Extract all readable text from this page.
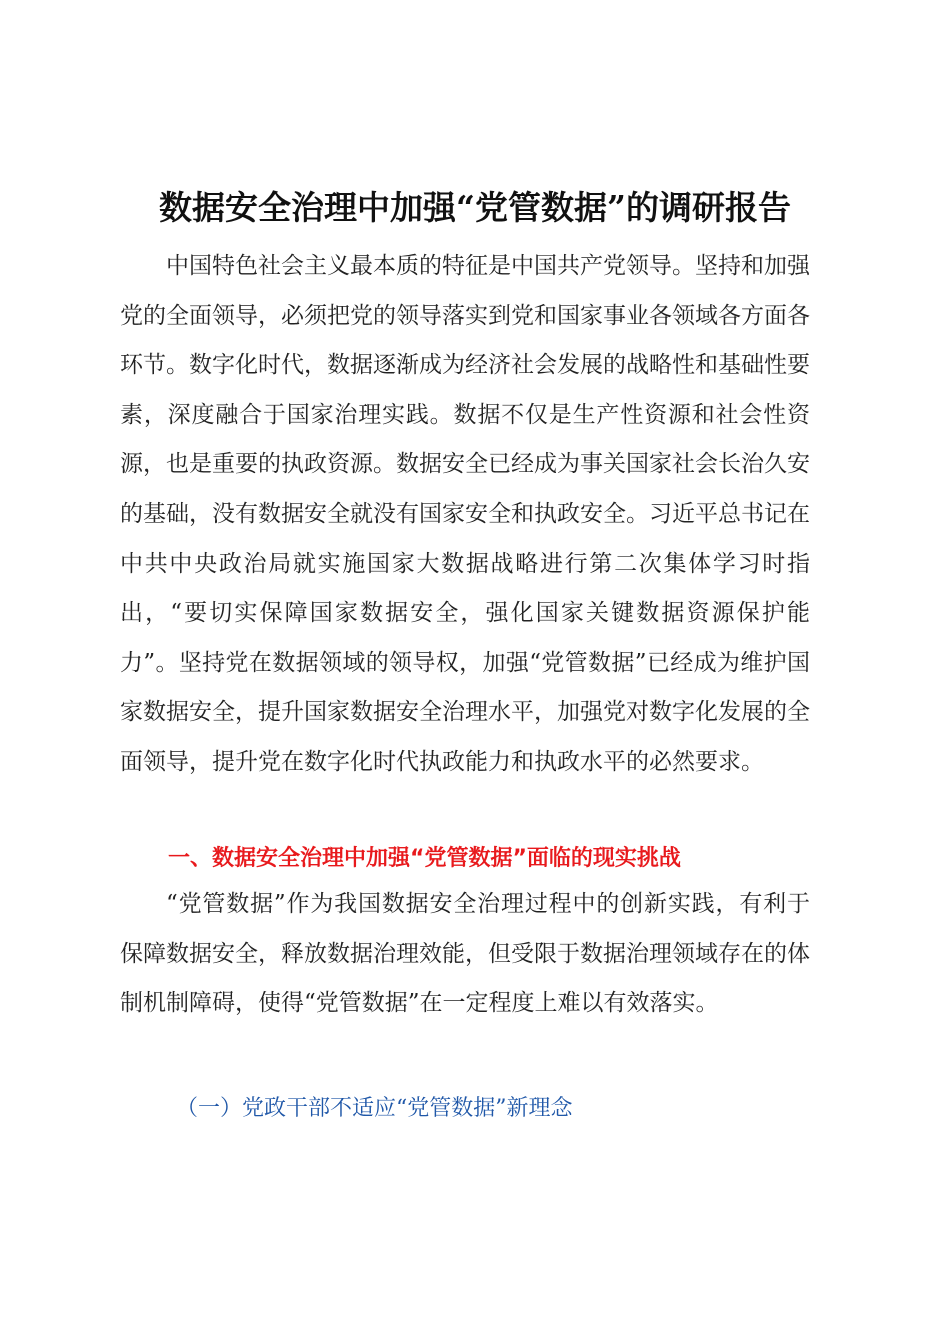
数据安全治理中加强“党管数据”的调研报告

中国特色社会主义最本质的特征是中国共产党领导。坚持和加强党的全面领导，必须把党的领导落实到党和国家事业各领域各方面各环节。数字化时代，数据逐渐成为经济社会发展的战略性和基础性要素，深度融合于国家治理实践。数据不仅是生产性资源和社会性资源，也是重要的执政资源。数据安全已经成为事关国家社会长治久安的基础，没有数据安全就没有国家安全和执政安全。习近平总书记在中共中央政治局就实施国家大数据战略进行第二次集体学习时指出，“要切实保障国家数据安全，强化国家关键数据资源保护能力”。坚持党在数据领域的领导权，加强“党管数据”已经成为维护国家数据安全，提升国家数据安全治理水平，加强党对数字化发展的全面领导，提升党在数字化时代执政能力和执政水平的必然要求。

一、数据安全治理中加强“党管数据”面临的现实挑战

“党管数据”作为我国数据安全治理过程中的创新实践，有利于保障数据安全，释放数据治理效能，但受限于数据治理领域存在的体制机制障碍，使得“党管数据”在一定程度上难以有效落实。

（一）党政干部不适应“党管数据”新理念
